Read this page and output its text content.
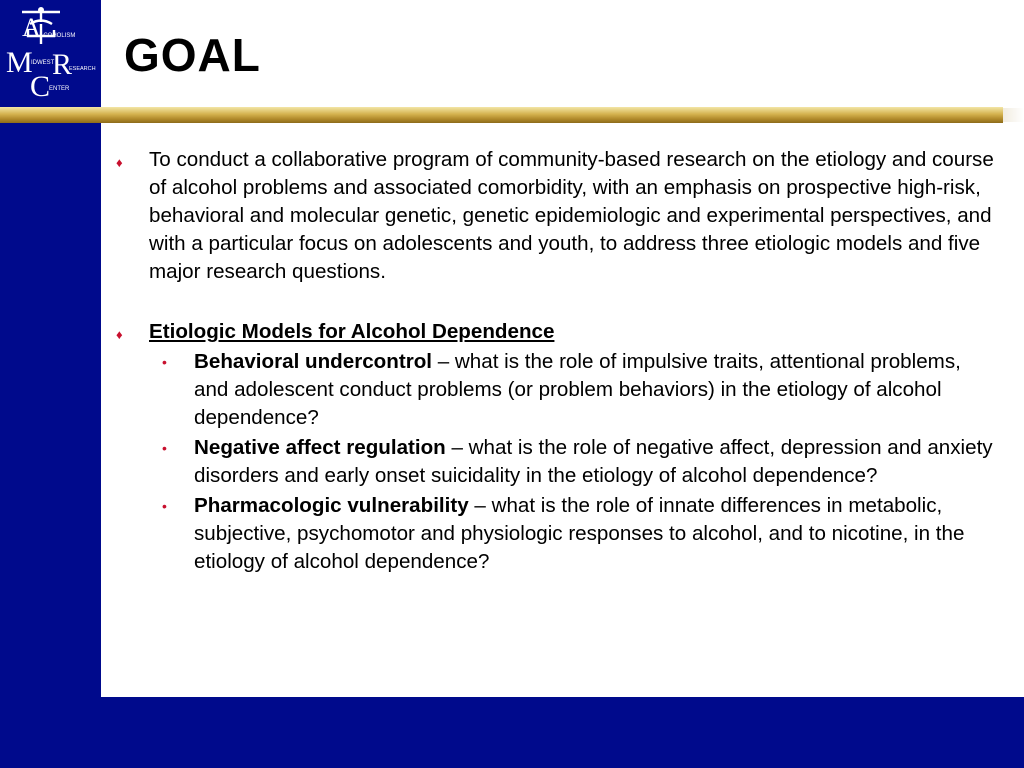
A
M R
C
LCOHOLISM
IDWEST
ESEARCH
ENTER
GOAL
♦ To conduct a collaborative program of community-based research on the etiology and course of alcohol problems and associated comorbidity, with an emphasis on prospective high-risk, behavioral and molecular genetic, genetic epidemiologic and experimental perspectives, and with a particular focus on adolescents and youth, to address three etiologic models and five major research questions.
♦ Etiologic Models for Alcohol Dependence
• Behavioral undercontrol – what is the role of impulsive traits, attentional problems, and adolescent conduct problems (or problem behaviors) in the etiology of alcohol dependence?
• Negative affect regulation – what is the role of negative affect, depression and anxiety disorders and early onset suicidality in the etiology of alcohol dependence?
• Pharmacologic vulnerability – what is the role of innate differences in metabolic, subjective, psychomotor and physiologic responses to alcohol, and to nicotine, in the etiology of alcohol dependence?
